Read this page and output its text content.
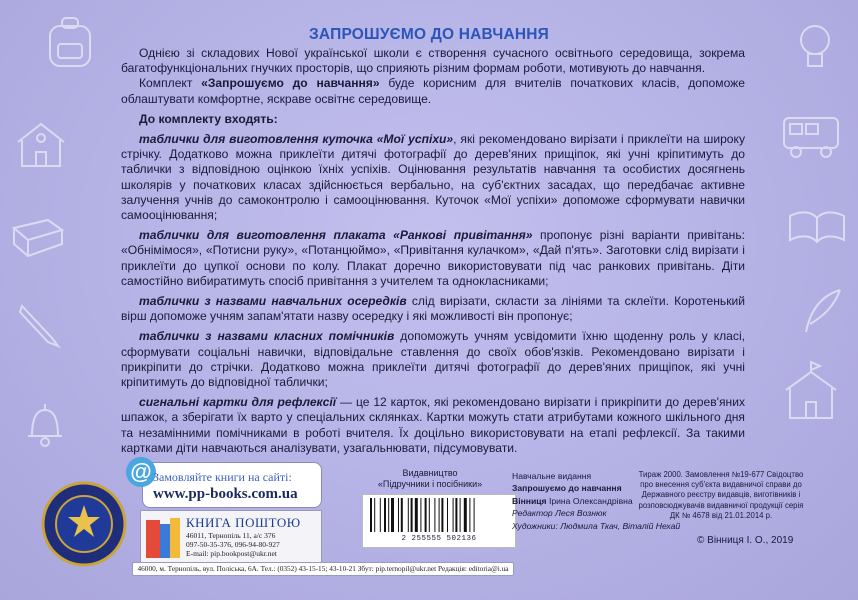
ЗАПРОШУЄМО ДО НАВЧАННЯ

Однією зі складових Нової української школи є створення сучасного освітнього середовища, зокрема багатофункціональних гнучких просторів, що сприяють різним формам роботи, мотивують до навчання.

Комплект «Запрошуємо до навчання» буде корисним для вчителів початкових класів, допоможе облаштувати комфортне, яскраве освітнє середовище.

До комплекту входять:

таблички для виготовлення куточка «Мої успіхи», які рекомендовано вирізати і приклеїти на широку стрічку. Додатково можна приклеїти дитячі фотографії до дерев'яних прищіпок, які учні кріпитимуть до таблички з відповідною оцінкою їхніх успіхів. Оцінювання результатів навчання та особистих досягнень школярів у початкових класах здійснюється вербально, на суб'єктних засадах, що передбачає активне залучення учнів до самоконтролю і самооцінювання. Куточок «Мої успіхи» допоможе сформувати навички самооцінювання;

таблички для виготовлення плаката «Ранкові привітання» пропонує різні варіанти привітань: «Обнімімося», «Потисни руку», «Потанцюймо», «Привітання кулачком», «Дай п'ять». Заготовки слід вирізати і приклеїти до цупкої основи по колу. Плакат доречно використовувати під час ранкових привітань. Діти самостійно вибиратимуть спосіб привітання з учителем та однокласниками;

таблички з назвами навчальних осередків слід вирізати, скласти за лініями та склеїти. Коротенький вірш допоможе учням запам'ятати назву осередку і які можливості він пропонує;

таблички з назвами класних помічників допоможуть учням усвідомити їхню щоденну роль у класі, сформувати соціальні навички, відповідальне ставлення до своїх обов'язків. Рекомендовано вирізати і прикріпити до стрічки. Додатково можна приклеїти дитячі фотографії до дерев'яних прищіпок, які учні кріпитимуть до відповідної таблички;

сигнальні картки для рефлексії — це 12 карток, які рекомендовано вирізати і прикріпити до дерев'яних шпажок, а зберігати їх варто у спеціальних склянках. Картки можуть стати атрибутами кожного шкільного дня та незамінними помічниками в роботі вчителя. Їх доцільно використовувати на етапі рефлексії. За такими картками діти навчаються аналізувати, узагальнювати, підсумовувати.

@ Замовляйте книги на сайті:
www.pp-books.com.ua
КНИГА ПОШТОЮ
46011, Тернопіль 11, а/с 376
097-50-35-376, 096-94-80-927
E-mail: pip.bookpost@ukr.net
46000, м. Тернопіль, вул. Поліська, 6А. Тел.: (0352) 43-15-15; 43-10-21 Збут: pip.ternopil@ukr.net Редакція: editoria@i.ua
Видавництво
«Підручники і посібники»
2 255555 502136
Навчальне видання
Запрошуємо до навчання
Вінниця Ірина Олександрівна
Редактор Леся Вознюк
Художники: Людмила Ткач, Віталій Нехай
Тираж 2000. Замовлення №19-677 Свідоцтво про внесення суб'єкта видавничої справи до Державного реєстру видавців, виготівників і розповсюджувачів видавничої продукції серія ДК № 4678 від 21.01.2014 р.
© Вінниця І. О., 2019
